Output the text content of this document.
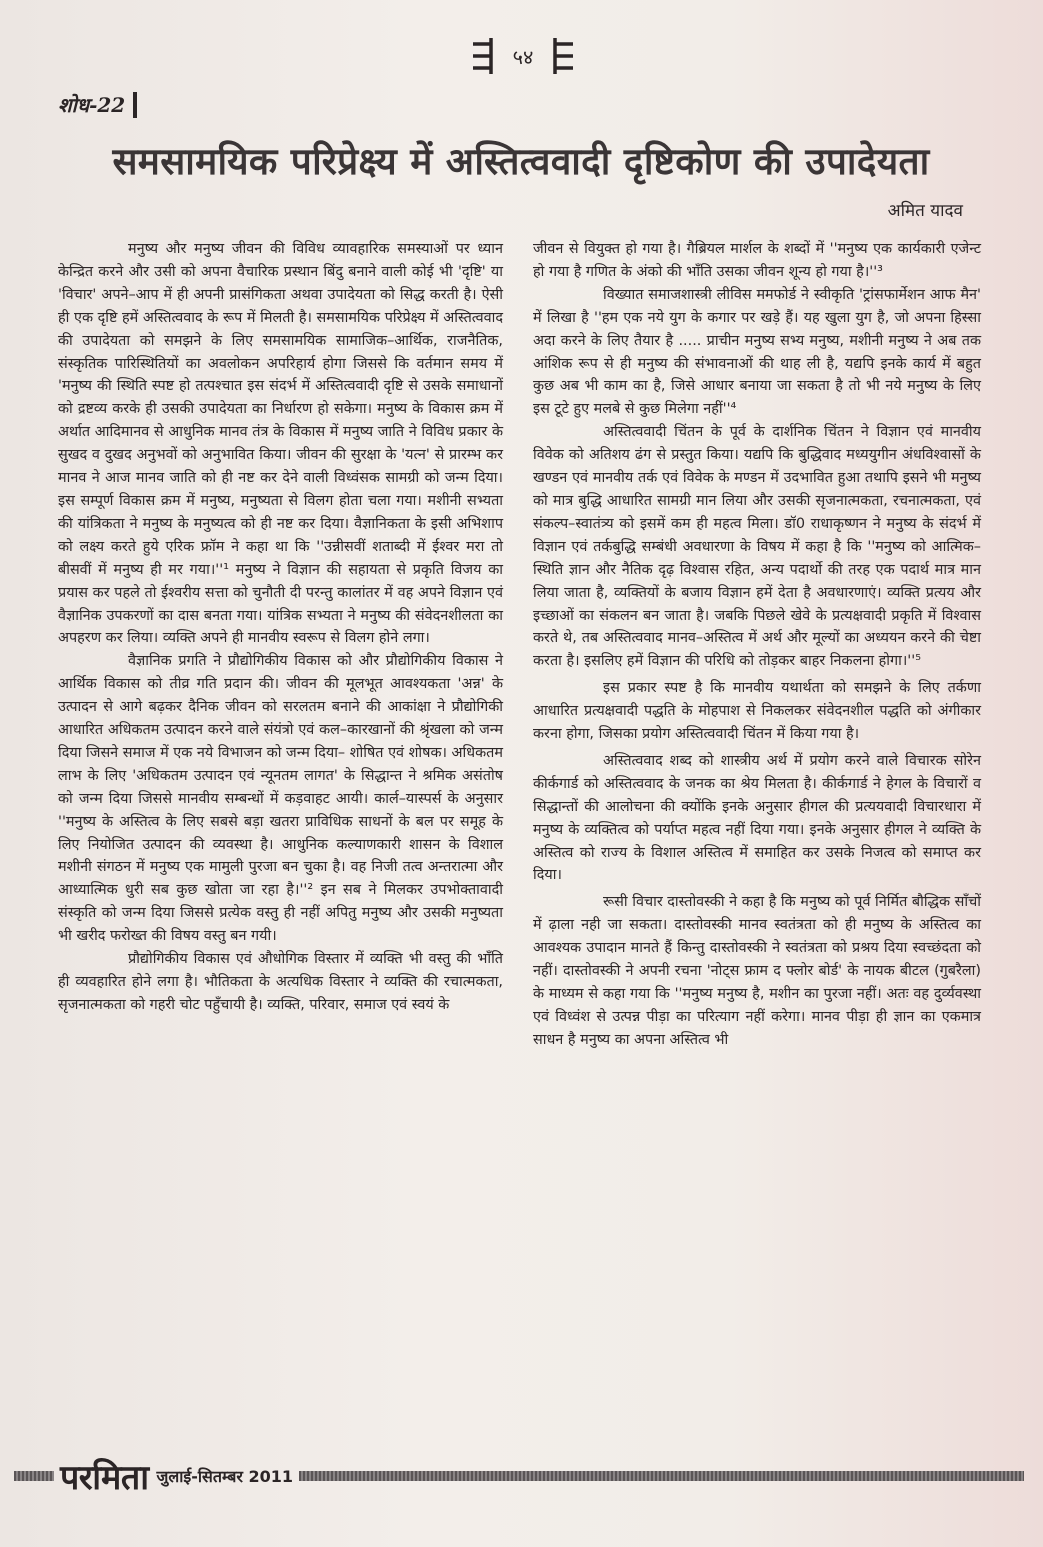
५४
शोध-22
समसामयिक परिप्रेक्ष्य में अस्तित्ववादी दृष्टिकोण की उपादेयता
अमित यादव

मनुष्य और मनुष्य जीवन की विविध व्यावहारिक समस्याओं पर ध्यान केन्द्रित करने और उसी को अपना वैचारिक प्रस्थान बिंदु बनाने वाली कोई भी 'दृष्टि' या 'विचार' अपने–आप में ही अपनी प्रासंगिकता अथवा उपादेयता को सिद्ध करती है। ऐसी ही एक दृष्टि हमें अस्तित्ववाद के रूप में मिलती है। समसामयिक परिप्रेक्ष्य में अस्तित्ववाद की उपादेयता को समझने के लिए समसामयिक सामाजिक–आर्थिक, राजनैतिक, संस्कृतिक पारिस्थितियों का अवलोकन अपरिहार्य होगा जिससे कि वर्तमान समय में 'मनुष्य की स्थिति स्पष्ट हो तत्पश्चात इस संदर्भ में अस्तित्ववादी दृष्टि से उसके समाधानों को द्रष्टव्य करके ही उसकी उपादेयता का निर्धारण हो सकेगा। मनुष्य के विकास क्रम में अर्थात आदिमानव से आधुनिक मानव तंत्र के विकास में मनुष्य जाति ने विविध प्रकार के सुखद व दुखद अनुभवों को अनुभावित किया। जीवन की सुरक्षा के 'यत्न' से प्रारम्भ कर मानव ने आज मानव जाति को ही नष्ट कर देने वाली विध्वंसक सामग्री को जन्म दिया। इस सम्पूर्ण विकास क्रम में मनुष्य, मनुष्यता से विलग होता चला गया। मशीनी सभ्यता की यांत्रिकता ने मनुष्य के मनुष्यत्व को ही नष्ट कर दिया। वैज्ञानिकता के इसी अभिशाप को लक्ष्य करते हुये एरिक फ्रॉम ने कहा था कि ''उन्नीसवीं शताब्दी में ईश्वर मरा तो बीसवीं में मनुष्य ही मर गया।''¹ मनुष्य ने विज्ञान की सहायता से प्रकृति विजय का प्रयास कर पहले तो ईश्वरीय सत्ता को चुनौती दी परन्तु कालांतर में वह अपने विज्ञान एवं वैज्ञानिक उपकरणों का दास बनता गया। यांत्रिक सभ्यता ने मनुष्य की संवेदनशीलता का अपहरण कर लिया। व्यक्ति अपने ही मानवीय स्वरूप से विलग होने लगा।

वैज्ञानिक प्रगति ने प्रौद्योगिकीय विकास को और प्रौद्योगिकीय विकास ने आर्थिक विकास को तीव्र गति प्रदान की। जीवन की मूलभूत आवश्यकता 'अन्न' के उत्पादन से आगे बढ़कर दैनिक जीवन को सरलतम बनाने की आकांक्षा ने प्रौद्योगिकी आधारित अधिकतम उत्पादन करने वाले संयंत्रो एवं कल–कारखानों की श्रृंखला को जन्म दिया जिसने समाज में एक नये विभाजन को जन्म दिया– शोषित एवं शोषक। अधिकतम लाभ के लिए 'अधिकतम उत्पादन एवं न्यूनतम लागत' के सिद्धान्त ने श्रमिक असंतोष को जन्म दिया जिससे मानवीय सम्बन्धों में कड़वाहट आयी। कार्ल–यास्पर्स के अनुसार ''मनुष्य के अस्तित्व के लिए सबसे बड़ा खतरा प्राविधिक साधनों के बल पर समूह के लिए नियोजित उत्पादन की व्यवस्था है। आधुनिक कल्याणकारी शासन के विशाल मशीनी संगठन में मनुष्य एक मामुली पुरजा बन चुका है। वह निजी तत्व अन्तरात्मा और आध्यात्मिक धुरी सब कुछ खोता जा रहा है।''² इन सब ने मिलकर उपभोक्तावादी संस्कृति को जन्म दिया जिससे प्रत्येक वस्तु ही नहीं अपितु मनुष्य और उसकी मनुष्यता भी खरीद फरोख्त की विषय वस्तु बन गयी।

प्रौद्योगिकीय विकास एवं औधोगिक विस्तार में व्यक्ति भी वस्तु की भाँति ही व्यवहारित होने लगा है। भौतिकता के अत्यधिक विस्तार ने व्यक्ति की रचात्मकता, सृजनात्मकता को गहरी चोट पहुँचायी है। व्यक्ति, परिवार, समाज एवं स्वयं के

जीवन से वियुक्त हो गया है। गैब्रियल मार्शल के शब्दों में ''मनुष्य एक कार्यकारी एजेन्ट हो गया है गणित के अंको की भाँति उसका जीवन शून्य हो गया है।''³

विख्यात समाजशास्त्री लीविस ममफोर्ड ने स्वीकृति 'ट्रांसफार्मेशन आफ मैन' में लिखा है ''हम एक नये युग के कगार पर खड़े हैं। यह खुला युग है, जो अपना हिस्सा अदा करने के लिए तैयार है ..... प्राचीन मनुष्य सभ्य मनुष्य, मशीनी मनुष्य ने अब तक आंशिक रूप से ही मनुष्य की संभावनाओं की थाह ली है, यद्यपि इनके कार्य में बहुत कुछ अब भी काम का है, जिसे आधार बनाया जा सकता है तो भी नये मनुष्य के लिए इस टूटे हुए मलबे से कुछ मिलेगा नहीं''⁴

अस्तित्ववादी चिंतन के पूर्व के दार्शनिक चिंतन ने विज्ञान एवं मानवीय विवेक को अतिशय ढंग से प्रस्तुत किया। यद्यपि कि बुद्धिवाद मध्ययुगीन अंधविश्वासों के खण्डन एवं मानवीय तर्क एवं विवेक के मण्डन में उदभावित हुआ तथापि इसने भी मनुष्य को मात्र बुद्धि आधारित सामग्री मान लिया और उसकी सृजनात्मकता, रचनात्मकता, एवं संकल्प–स्वातंत्र्य को इसमें कम ही महत्व मिला। डॉ0 राधाकृष्णन ने मनुष्य के संदर्भ में विज्ञान एवं तर्कबुद्धि सम्बंधी अवधारणा के विषय में कहा है कि ''मनुष्य को आत्मिक–स्थिति ज्ञान और नैतिक दृढ़ विश्वास रहित, अन्य पदार्थो की तरह एक पदार्थ मात्र मान लिया जाता है, व्यक्तियों के बजाय विज्ञान हमें देता है अवधारणाएं। व्यक्ति प्रत्यय और इच्छाओं का संकलन बन जाता है। जबकि पिछले खेवे के प्रत्यक्षवादी प्रकृति में विश्वास करते थे, तब अस्तित्ववाद मानव–अस्तित्व में अर्थ और मूल्यों का अध्ययन करने की चेष्टा करता है। इसलिए हमें विज्ञान की परिधि को तोड़कर बाहर निकलना होगा।''⁵

इस प्रकार स्पष्ट है कि मानवीय यथार्थता को समझने के लिए तर्कणा आधारित प्रत्यक्षवादी पद्धति के मोहपाश से निकलकर संवेदनशील पद्धति को अंगीकार करना होगा, जिसका प्रयोग अस्तित्ववादी चिंतन में किया गया है।

अस्तित्ववाद शब्द को शास्त्रीय अर्थ में प्रयोग करने वाले विचारक सोरेन कीर्कगार्ड को अस्तित्ववाद के जनक का श्रेय मिलता है। कीर्कगार्ड ने हेगल के विचारों व सिद्धान्तों की आलोचना की क्योंकि इनके अनुसार हीगल की प्रत्ययवादी विचारधारा में मनुष्य के व्यक्तित्व को पर्याप्त महत्व नहीं दिया गया। इनके अनुसार हीगल ने व्यक्ति के अस्तित्व को राज्य के विशाल अस्तित्व में समाहित कर उसके निजत्व को समाप्त कर दिया।

रूसी विचार दास्तोवस्की ने कहा है कि मनुष्य को पूर्व निर्मित बौद्धिक साँचों में ढ़ाला नही जा सकता। दास्तोवस्की मानव स्वतंत्रता को ही मनुष्य के अस्तित्व का आवश्यक उपादान मानते हैं किन्तु दास्तोवस्की ने स्वतंत्रता को प्रश्रय दिया स्वच्छंदता को नहीं। दास्तोवस्की ने अपनी रचना 'नोट्स फ्राम द फ्लोर बोर्ड' के नायक बीटल (गुबरैला) के माध्यम से कहा गया कि ''मनुष्य मनुष्य है, मशीन का पुरजा नहीं। अतः वह दुर्व्यवस्था एवं विध्वंश से उत्पन्न पीड़ा का परित्याग नहीं करेगा। मानव पीड़ा ही ज्ञान का एकमात्र साधन है मनुष्य का अपना अस्तित्व भी

परमिता जुलाई-सितम्बर 2011
